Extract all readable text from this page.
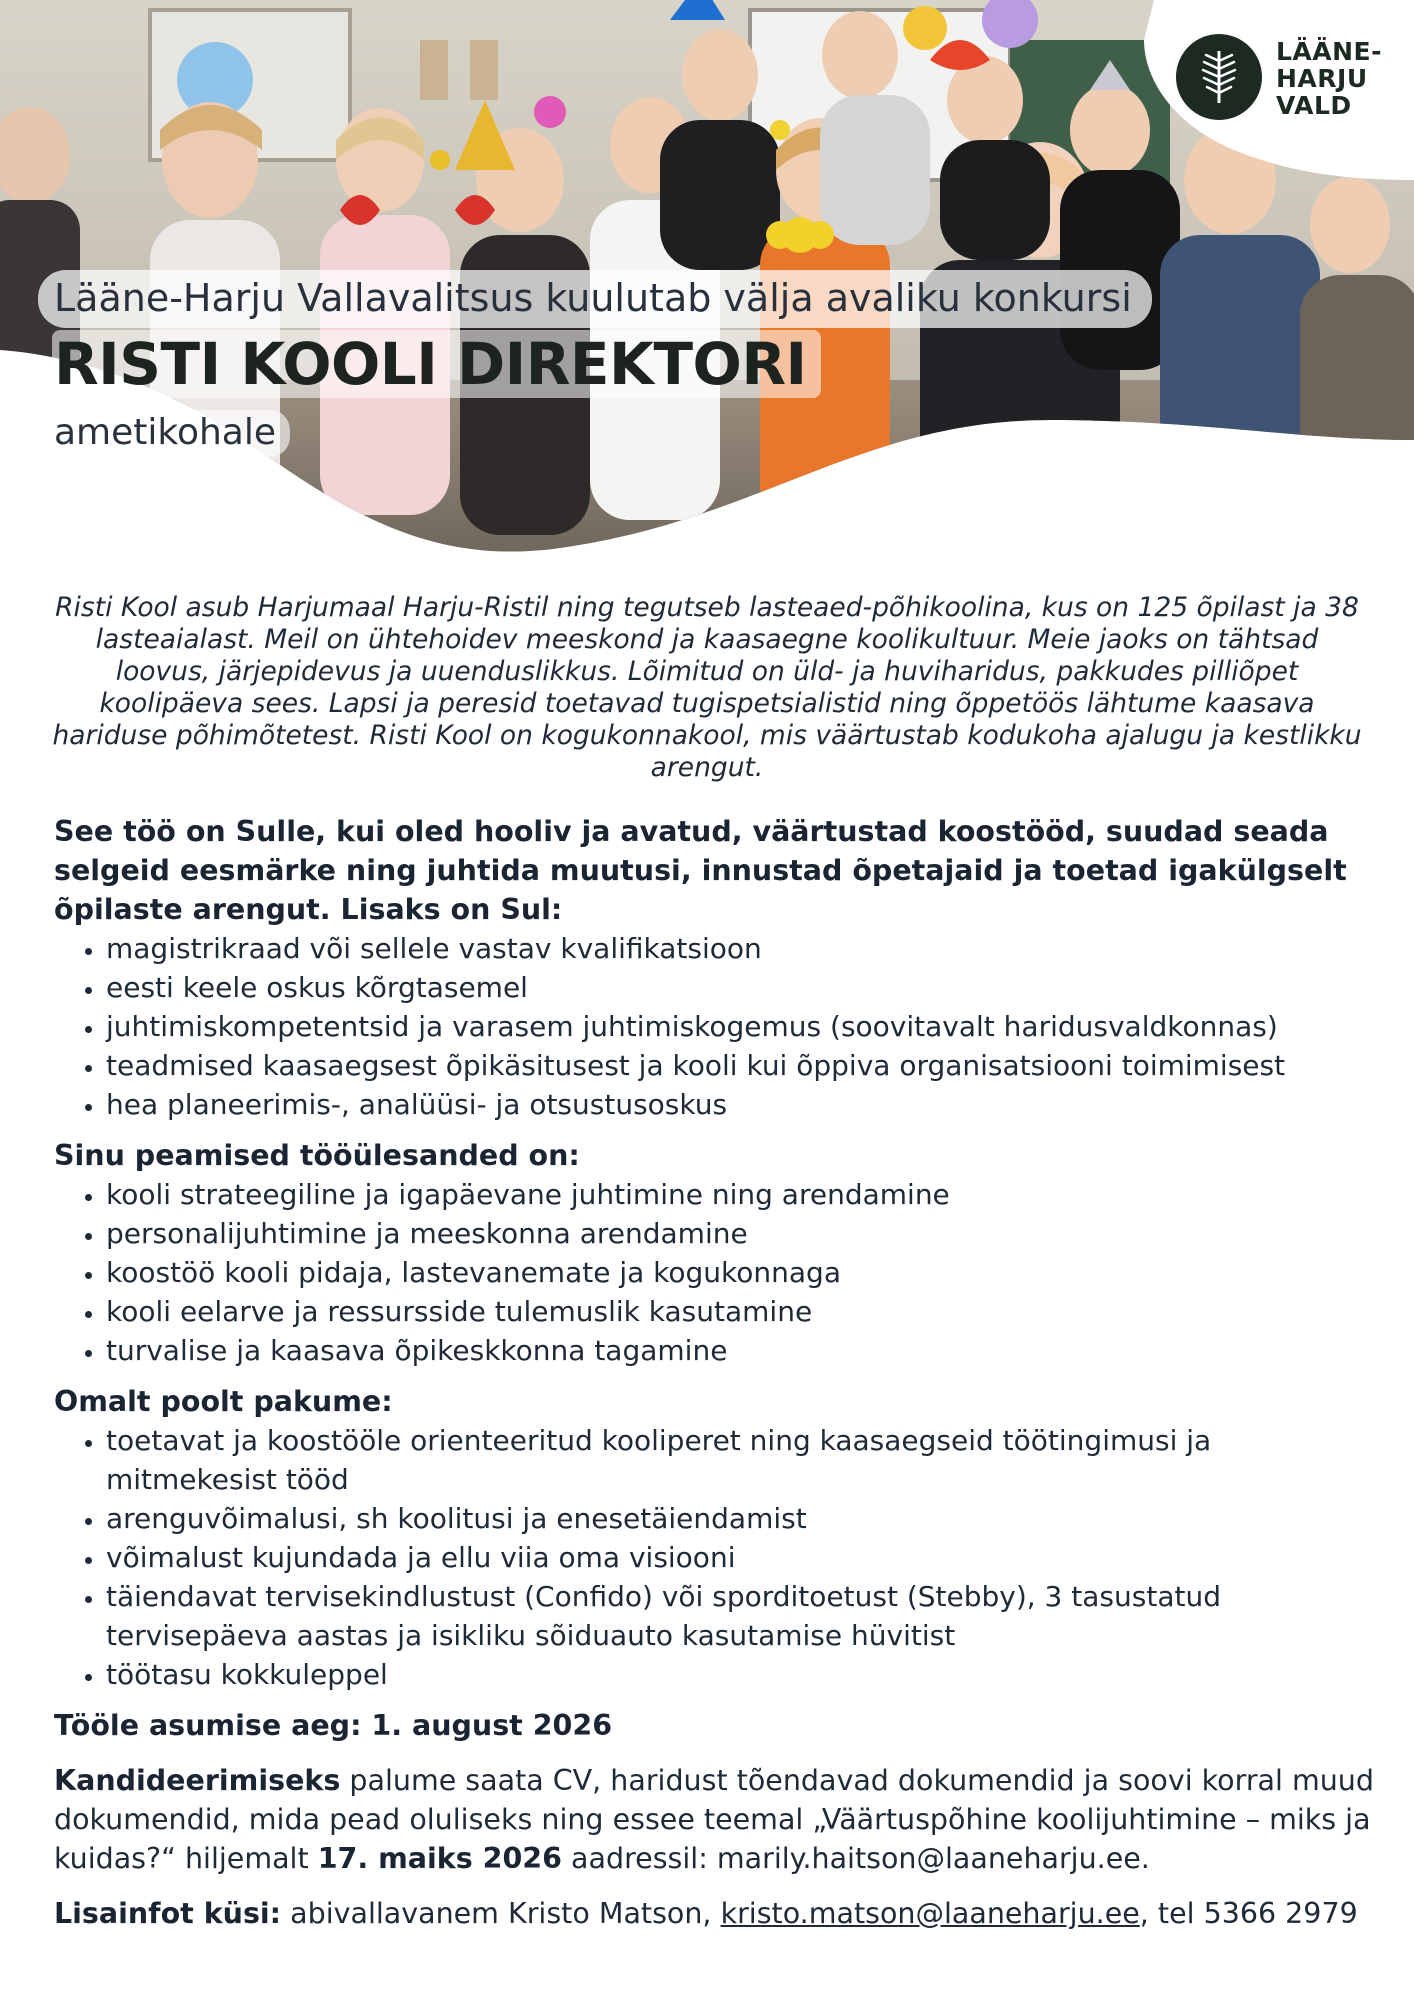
LÄÄNE-
HARJU
VALD
Lääne-Harju Vallavalitsus kuulutab välja avaliku konkursi
RISTI KOOLI DIREKTORI
ametikohale
Risti Kool asub Harjumaal Harju-Ristil ning tegutseb lasteaed-põhikoolina, kus on 125 õpilast ja 38 lasteaialast. Meil on ühtehoidev meeskond ja kaasaegne koolikultuur. Meie jaoks on tähtsad loovus, järjepidevus ja uuenduslikkus. Lõimitud on üld- ja huviharidus, pakkudes pilliõpet koolipäeva sees. Lapsi ja peresid toetavad tugispetsialistid ning õppetöös lähtume kaasava hariduse põhimõtetest. Risti Kool on kogukonnakool, mis väärtustab kodukoha ajalugu ja kestlikku arengut.
See töö on Sulle, kui oled hooliv ja avatud, väärtustad koostööd, suudad seada selgeid eesmärke ning juhtida muutusi, innustad õpetajaid ja toetad igakülgselt õpilaste arengut. Lisaks on Sul:
• magistrikraad või sellele vastav kvalifikatsioon
• eesti keele oskus kõrgtasemel
• juhtimiskompetentsid ja varasem juhtimiskogemus (soovitavalt haridusvaldkonnas)
• teadmised kaasaegsest õpikäsitusest ja kooli kui õppiva organisatsiooni toimimisest
• hea planeerimis-, analüüsi- ja otsustusoskus
Sinu peamised tööülesanded on:
• kooli strateegiline ja igapäevane juhtimine ning arendamine
• personalijuhtimine ja meeskonna arendamine
• koostöö kooli pidaja, lastevanemate ja kogukonnaga
• kooli eelarve ja ressursside tulemuslik kasutamine
• turvalise ja kaasava õpikeskkonna tagamine
Omalt poolt pakume:
• toetavat ja koostööle orienteeritud kooliperet ning kaasaegseid töötingimusi ja mitmekesist tööd
• arenguvõimalusi, sh koolitusi ja enesetäiendamist
• võimalust kujundada ja ellu viia oma visiooni
• täiendavat tervisekindlustust (Confido) või sporditoetust (Stebby), 3 tasustatud tervisepäeva aastas ja isikliku sõiduauto kasutamise hüvitist
• töötasu kokkuleppel
Tööle asumise aeg: 1. august 2026
Kandideerimiseks palume saata CV, haridust tõendavad dokumendid ja soovi korral muud dokumendid, mida pead oluliseks ning essee teemal „Väärtuspõhine koolijuhtimine – miks ja kuidas?“ hiljemalt 17. maiks 2026 aadressil: marily.haitson@laaneharju.ee.
Lisainfot küsi: abivallavanem Kristo Matson, kristo.matson@laaneharju.ee, tel 5366 2979
